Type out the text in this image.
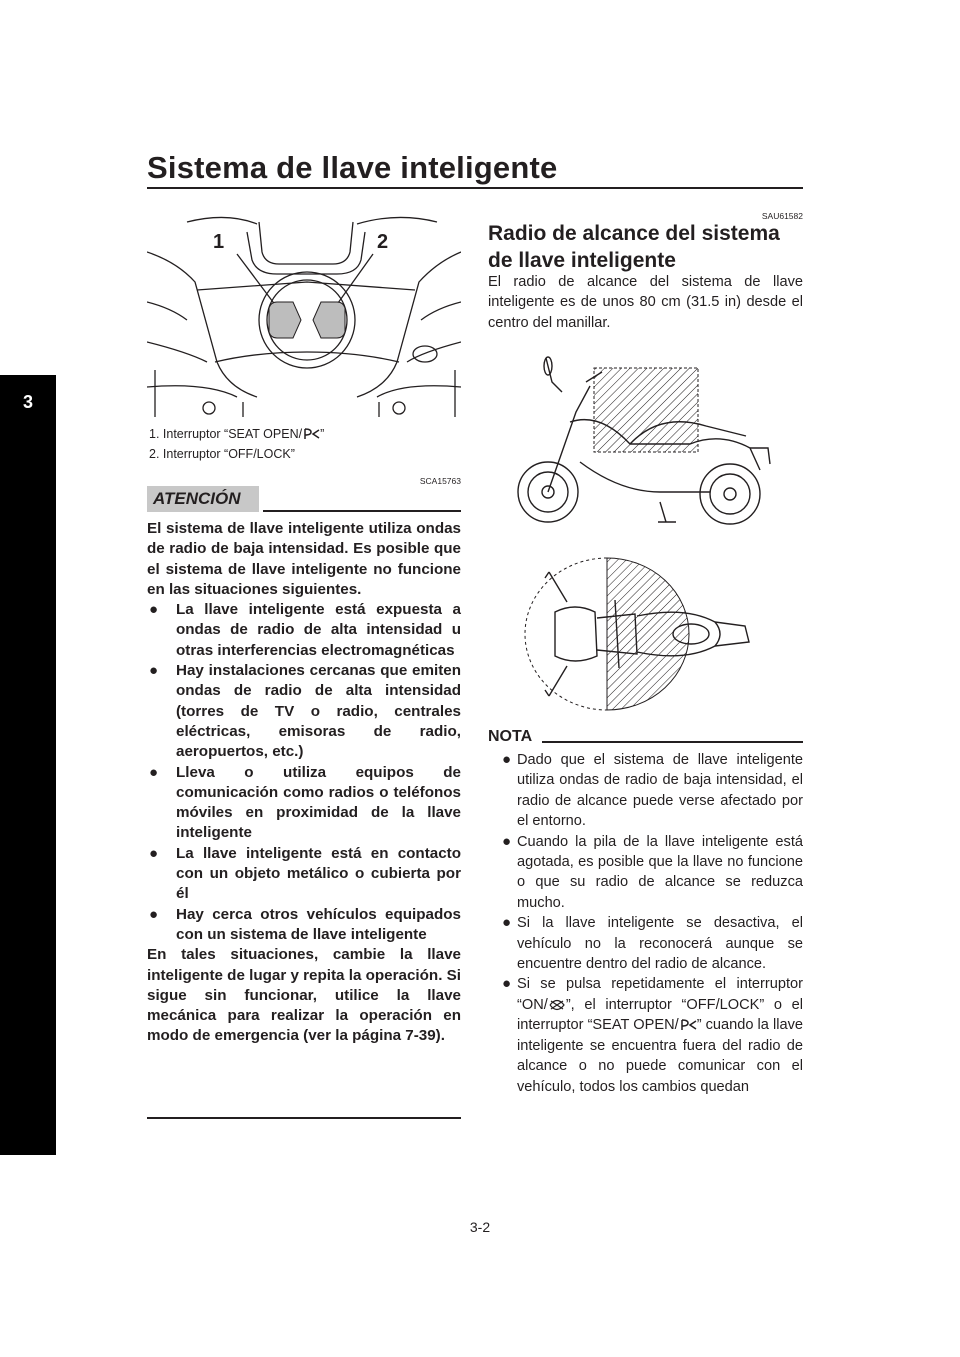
Sistema de llave inteligente
3
1	2
1. Interruptor “SEAT OPEN/ ”
2. Interruptor “OFF/LOCK”
SCA15763
ATENCIÓN
El sistema de llave inteligente utiliza ondas de radio de baja intensidad. Es posible que el sistema de llave inteligente no funcione en las situaciones siguientes.
● La llave inteligente está expuesta a ondas de radio de alta intensidad u otras interferencias electromagnéticas
● Hay instalaciones cercanas que emiten ondas de radio de alta intensidad (torres de TV o radio, centrales eléctricas, emisoras de radio, aeropuertos, etc.)
● Lleva o utiliza equipos de comunicación como radios o teléfonos móviles en proximidad de la llave inteligente
● La llave inteligente está en contacto con un objeto metálico o cubierta por él
● Hay cerca otros vehículos equipados con un sistema de llave inteligente
En tales situaciones, cambie la llave inteligente de lugar y repita la operación. Si sigue sin funcionar, utilice la llave mecánica para realizar la operación en modo de emergencia (ver la página 7-39).
SAU61582
Radio de alcance del sistema de llave inteligente
El radio de alcance del sistema de llave inteligente es de unos 80 cm (31.5 in) desde el centro del manillar.
NOTA
● Dado que el sistema de llave inteligente utiliza ondas de radio de baja intensidad, el radio de alcance puede verse afectado por el entorno.
● Cuando la pila de la llave inteligente está agotada, es posible que la llave no funcione o que su radio de alcance se reduzca mucho.
● Si la llave inteligente se desactiva, el vehículo no la reconocerá aunque se encuentre dentro del radio de alcance.
● Si se pulsa repetidamente el interruptor “ON/ ”, el interruptor “OFF/LOCK” o el interruptor “SEAT OPEN/ ” cuando la llave inteligente se encuentra fuera del radio de alcance o no puede comunicar con el vehículo, todos los cambios quedan
3-2
